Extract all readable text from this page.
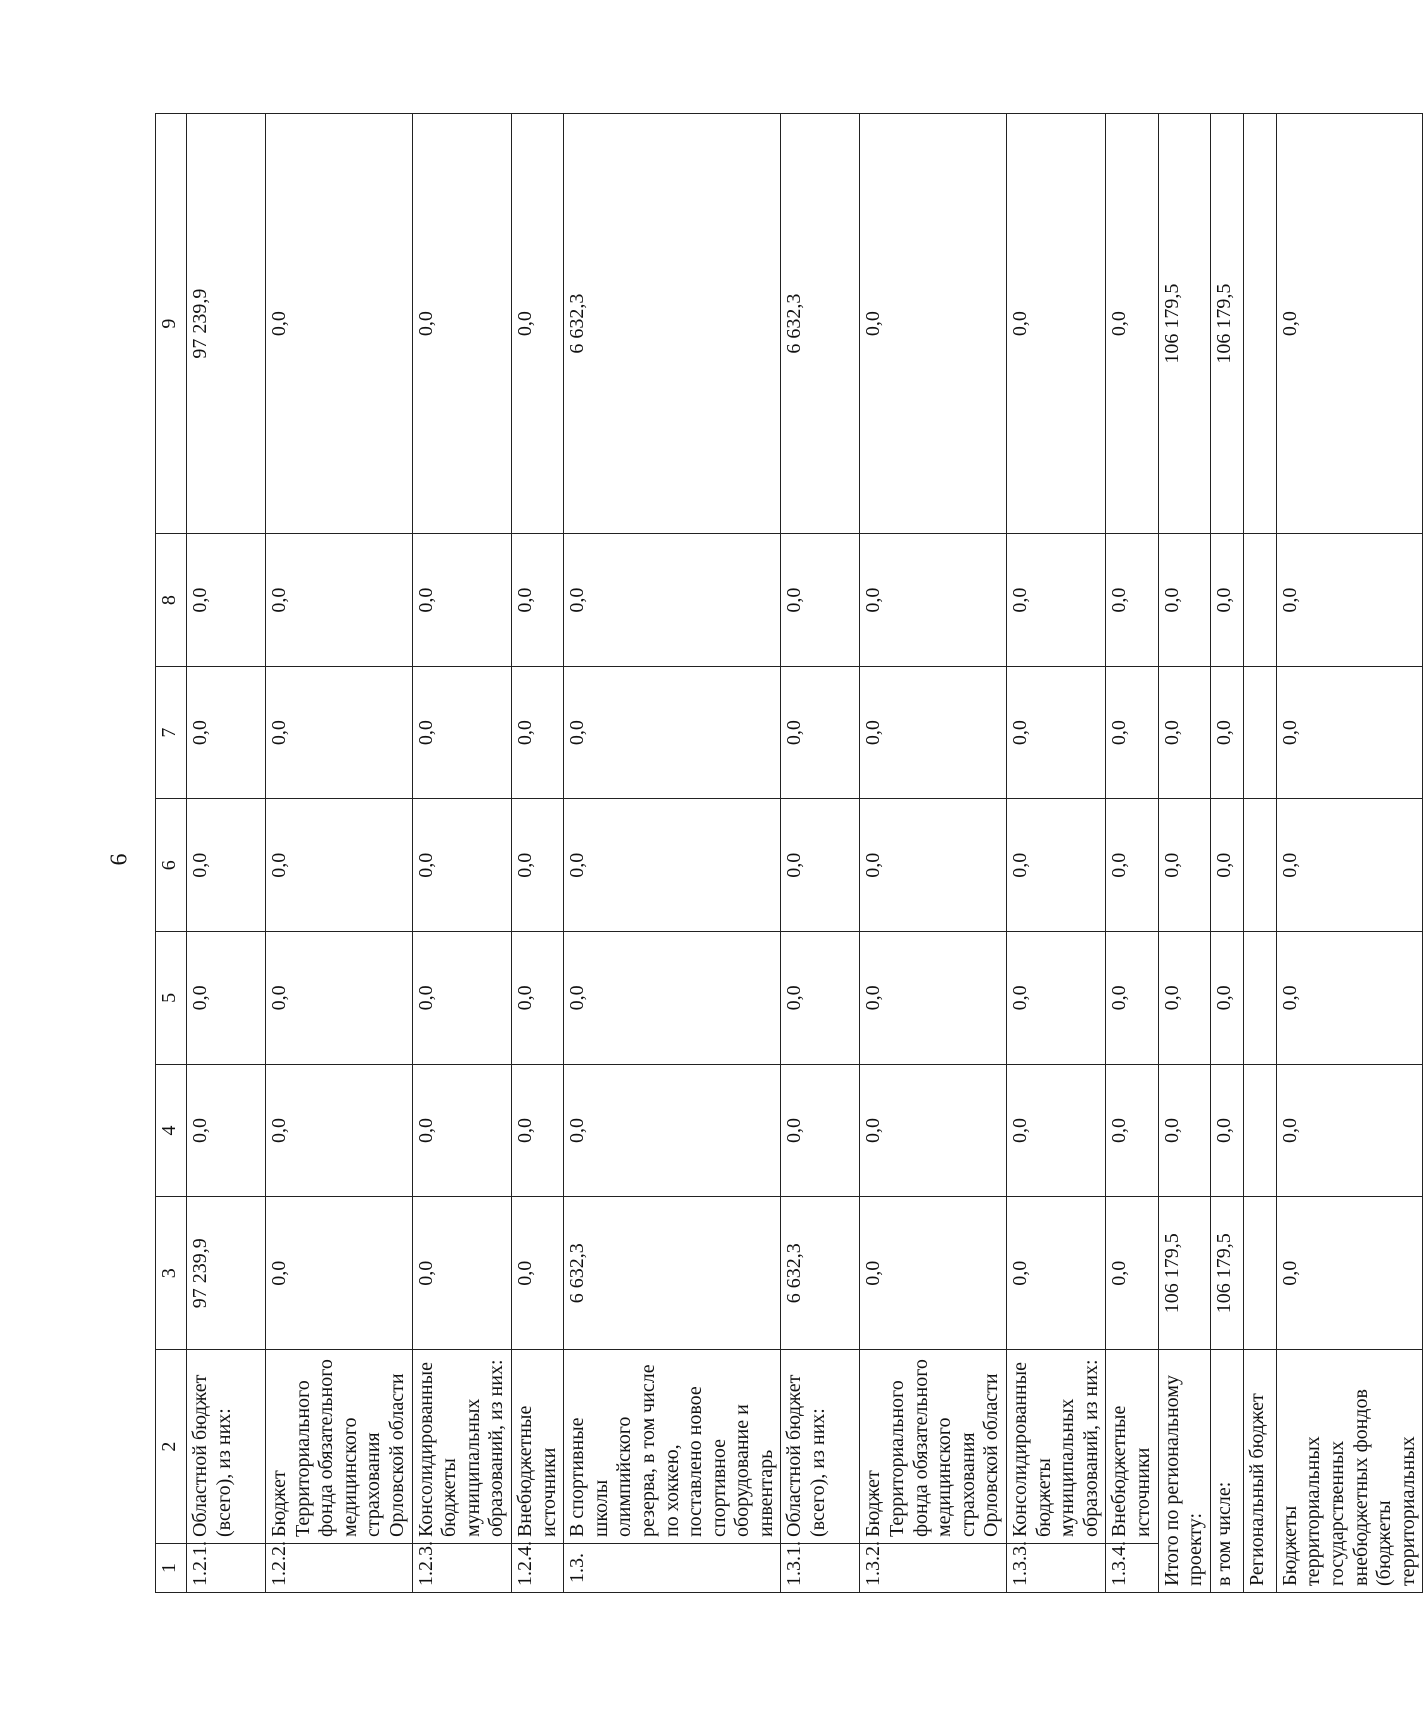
6
1	2	3	4	5	6	7	8	9
1.2.1.	Областной бюджет (всего), из них:	97 239,9	0,0	0,0	0,0	0,0	0,0	97 239,9
1.2.2.	Бюджет Территориального фонда обязательного медицинского страхования Орловской области	0,0	0,0	0,0	0,0	0,0	0,0	0,0
1.2.3.	Консолидированные бюджеты муниципальных образований, из них:	0,0	0,0	0,0	0,0	0,0	0,0	0,0
1.2.4.	Внебюджетные источники	0,0	0,0	0,0	0,0	0,0	0,0	0,0
1.3.	В спортивные школы олимпийского резерва, в том числе по хоккею, поставлено новое спортивное оборудование и инвентарь	6 632,3	0,0	0,0	0,0	0,0	0,0	6 632,3
1.3.1.	Областной бюджет (всего), из них:	6 632,3	0,0	0,0	0,0	0,0	0,0	6 632,3
1.3.2.	Бюджет Территориального фонда обязательного медицинского страхования Орловской области	0,0	0,0	0,0	0,0	0,0	0,0	0,0
1.3.3.	Консолидированные бюджеты муниципальных образований, из них:	0,0	0,0	0,0	0,0	0,0	0,0	0,0
1.3.4.	Внебюджетные источники	0,0	0,0	0,0	0,0	0,0	0,0	0,0
Итого по региональному проекту:		106 179,5	0,0	0,0	0,0	0,0	0,0	106 179,5
в том числе:		106 179,5	0,0	0,0	0,0	0,0	0,0	106 179,5
Региональный бюджет								
Бюджеты территориальных государственных внебюджетных фондов (бюджеты территориальных		0,0	0,0	0,0	0,0	0,0	0,0	0,0
